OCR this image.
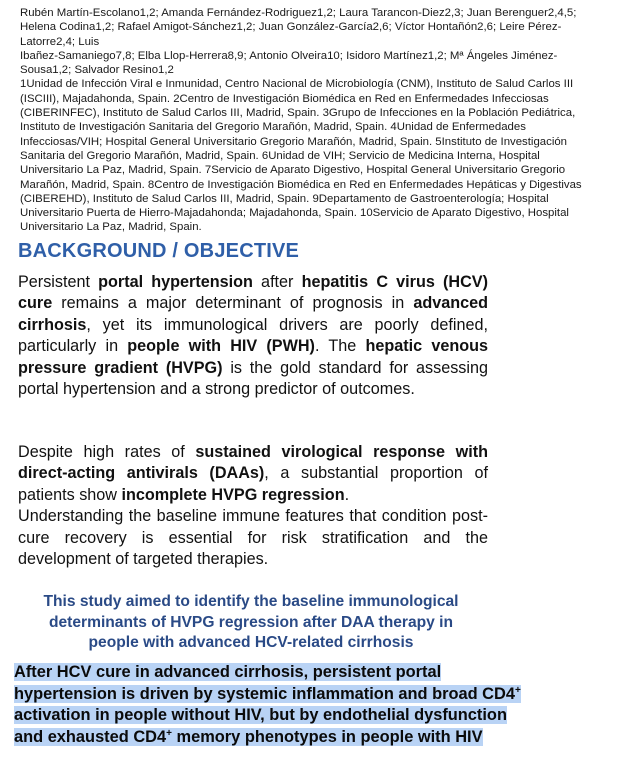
Rubén Martín-Escolano1,2; Amanda Fernández-Rodriguez1,2; Laura Tarancon-Diez2,3; Juan Berenguer2,4,5;

Helena Codina1,2; Rafael Amigot-Sánchez1,2; Juan González-García2,6; Víctor Hontañón2,6; Leire Pérez-

Latorre2,4; Luis

Ibañez-Samaniego7,8; Elba Llop-Herrera8,9; Antonio Olveira10; Isidoro Martínez1,2; Mª Ángeles Jiménez-

Sousa1,2; Salvador Resino1,2

1Unidad de Infección Viral e Inmunidad, Centro Nacional de Microbiología (CNM), Instituto de Salud Carlos III

(ISCIII), Majadahonda, Spain. 2Centro de Investigación Biomédica en Red en Enfermedades Infecciosas

(CIBERINFEC), Instituto de Salud Carlos III, Madrid, Spain. 3Grupo de Infecciones en la Población Pediátrica,

Instituto de Investigación Sanitaria del Gregorio Marañón, Madrid, Spain. 4Unidad de Enfermedades

Infecciosas/VIH; Hospital General Universitario Gregorio Marañón, Madrid, Spain. 5Instituto de Investigación

Sanitaria del Gregorio Marañón, Madrid, Spain. 6Unidad de VIH; Servicio de Medicina Interna, Hospital

Universitario La Paz, Madrid, Spain. 7Servicio de Aparato Digestivo, Hospital General Universitario Gregorio

Marañón, Madrid, Spain. 8Centro de Investigación Biomédica en Red en Enfermedades Hepáticas y Digestivas

(CIBEREHD), Instituto de Salud Carlos III, Madrid, Spain. 9Departamento de Gastroenterología; Hospital

Universitario Puerta de Hierro-Majadahonda; Majadahonda, Spain. 10Servicio de Aparato Digestivo, Hospital

Universitario La Paz, Madrid, Spain.

BACKGROUND / OBJECTIVE
Persistent portal hypertension after hepatitis C virus (HCV) cure remains a major determinant of prognosis in advanced cirrhosis, yet its immunological drivers are poorly defined, particularly in people with HIV (PWH). The hepatic venous pressure gradient (HVPG) is the gold standard for assessing portal hypertension and a strong predictor of outcomes.
Despite high rates of sustained virological response with direct-acting antivirals (DAAs), a substantial proportion of patients show incomplete HVPG regression.
Understanding the baseline immune features that condition post-cure recovery is essential for risk stratification and the development of targeted therapies.
This study aimed to identify the baseline immunological
determinants of HVPG regression after DAA therapy in
people with advanced HCV-related cirrhosis
After HCV cure in advanced cirrhosis, persistent portal
hypertension is driven by systemic inflammation and broad CD4+
activation in people without HIV, but by endothelial dysfunction
and exhausted CD4+ memory phenotypes in people with HIV
